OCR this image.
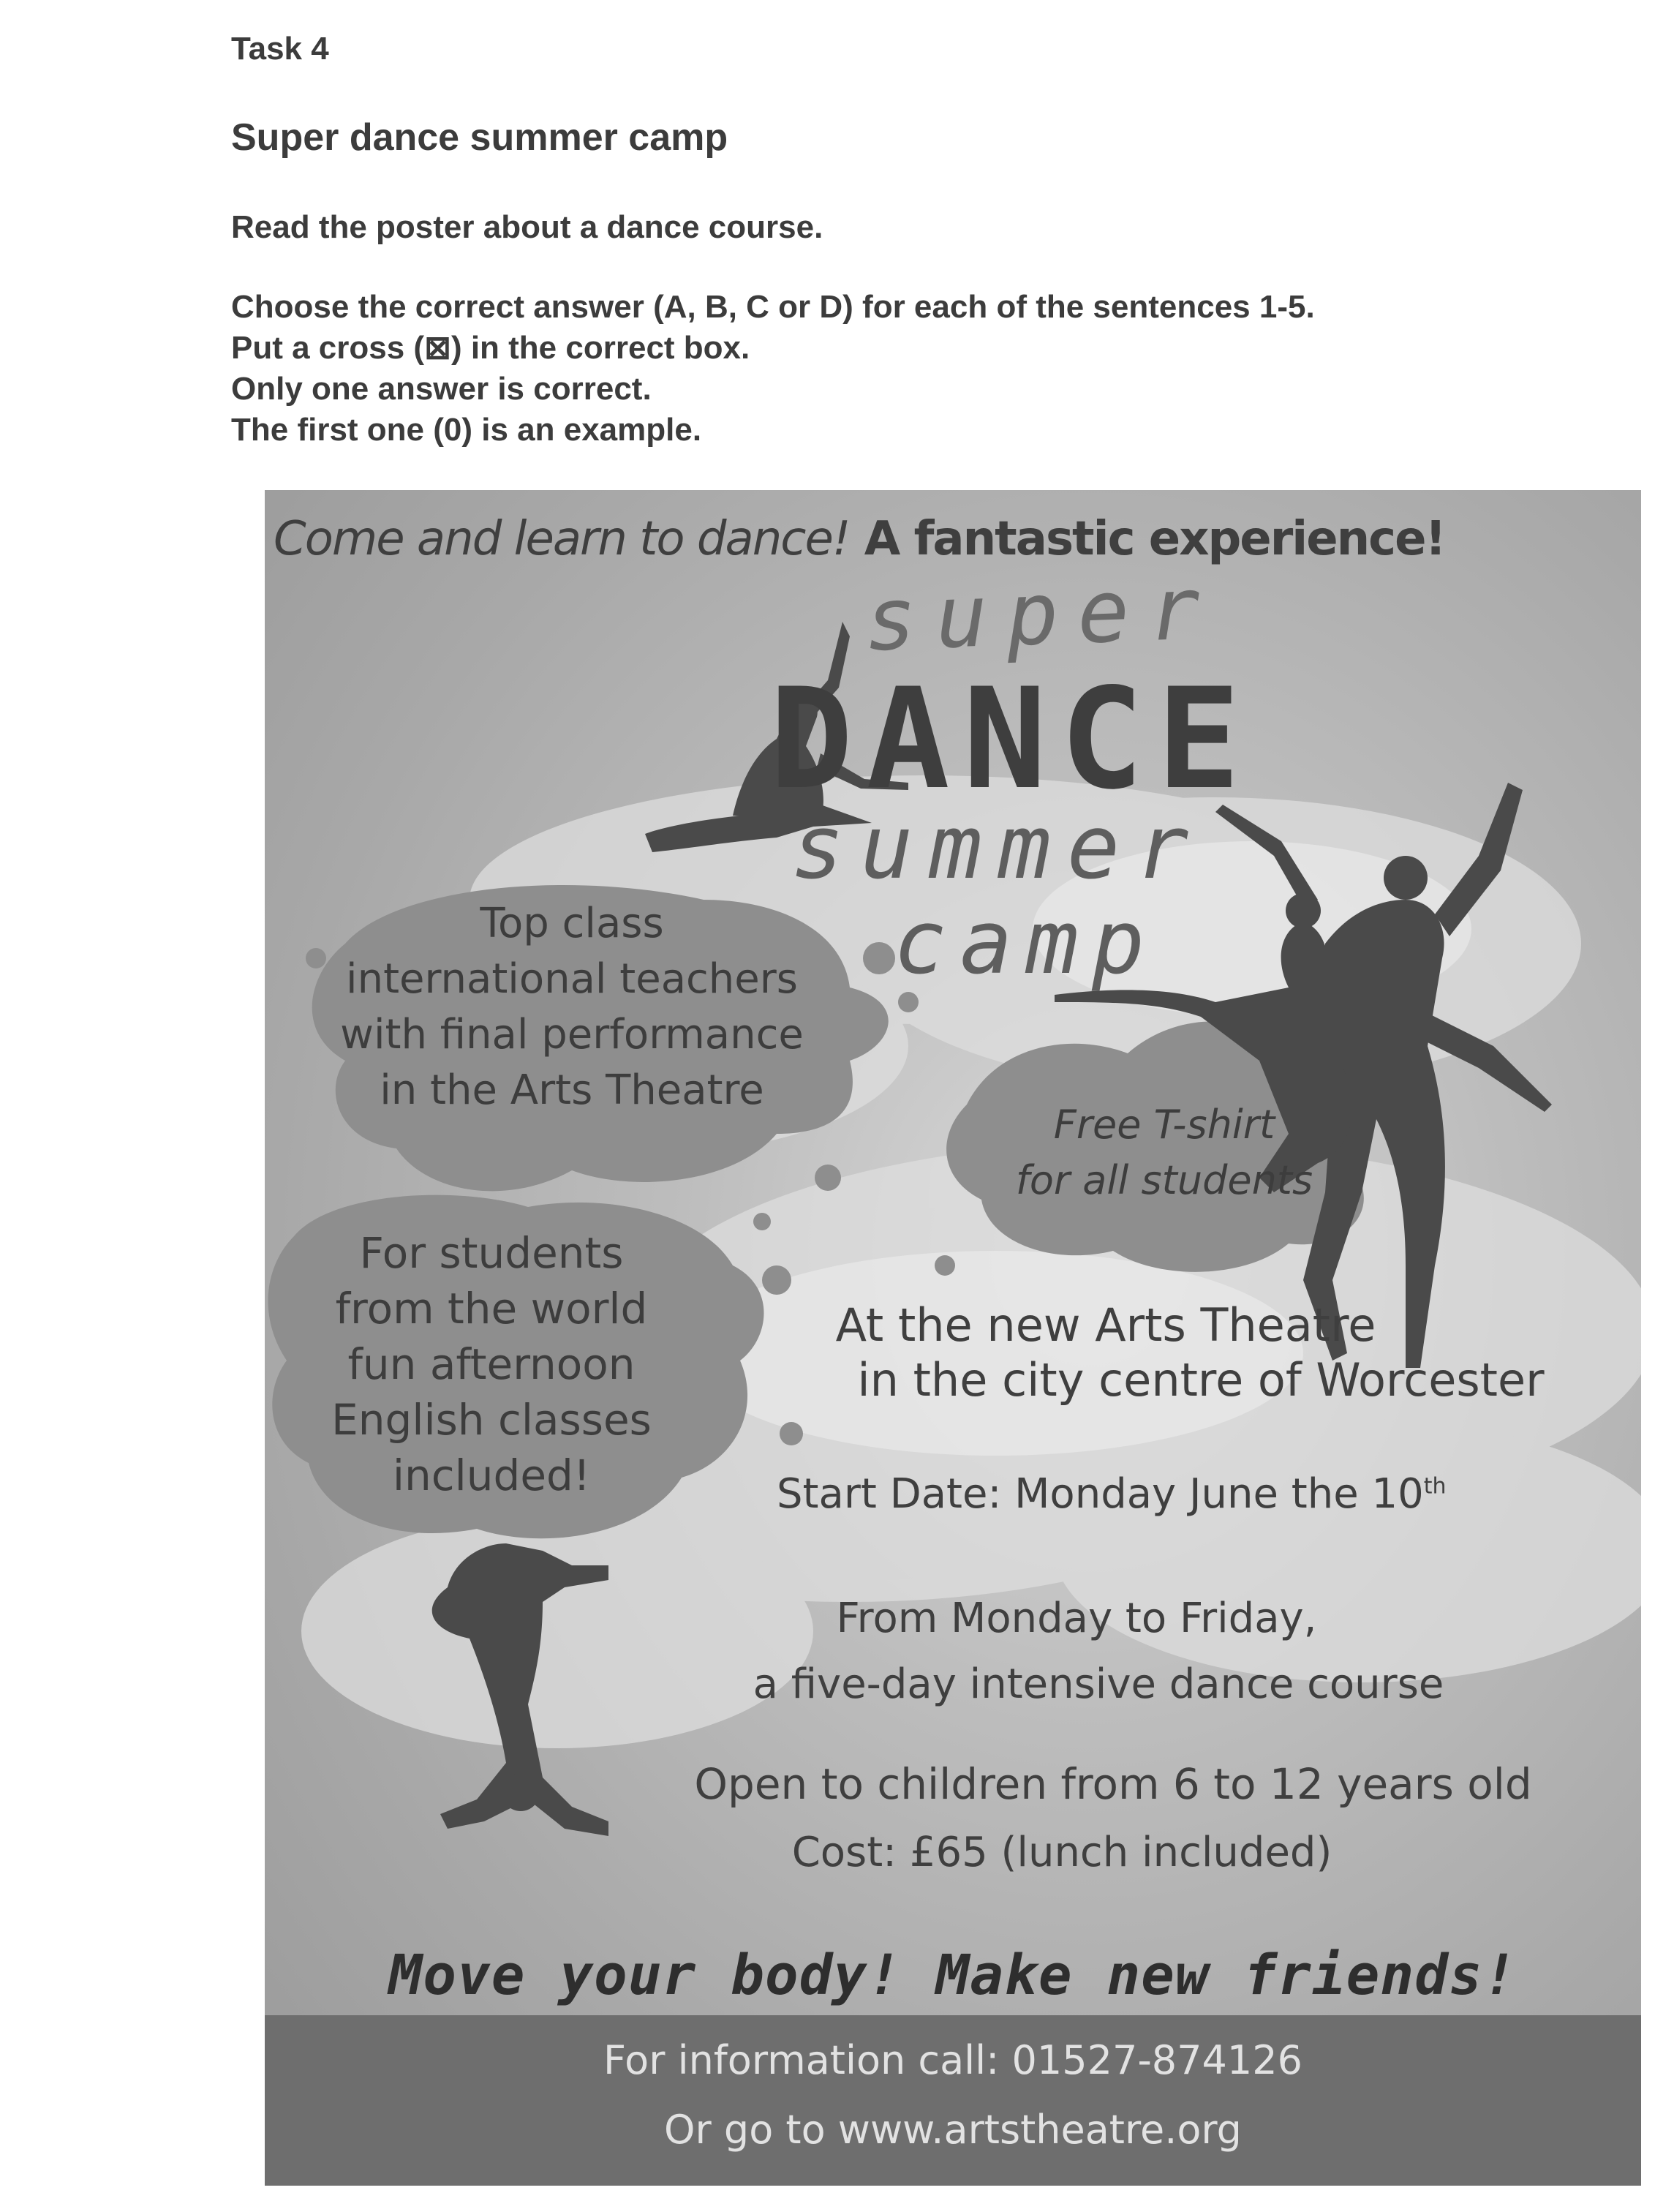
Task 4
Super dance summer camp
Read the poster about a dance course.
Choose the correct answer (A, B, C or D) for each of the sentences 1-5.
Put a cross (⊠) in the correct box.
Only one answer is correct.
The first one (0) is an example.
Come and learn to dance! A fantastic experience!
super
DANCE
summer
camp
Top class
international teachers
with final performance
in the Arts Theatre
Free T-shirt
for all students
For students
from the world
fun afternoon
English classes
included!
At the new Arts Theatre
in the city centre of Worcester
Start Date: Monday June the 10th
From Monday to Friday,
a five-day intensive dance course
Open to children from 6 to 12 years old
Cost: £65 (lunch included)
Move your body! Make new friends!
For information call: 01527-874126
Or go to www.artstheatre.org
